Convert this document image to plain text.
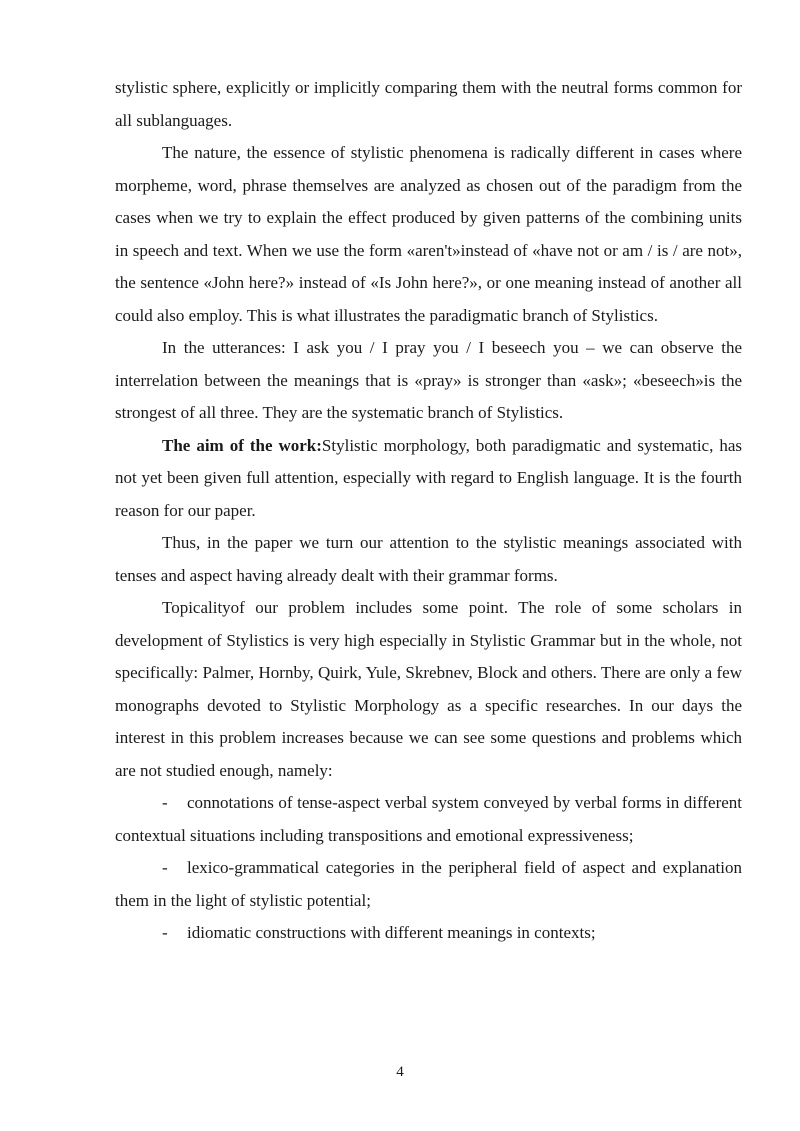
stylistic sphere, explicitly or implicitly comparing them with the neutral forms common for all sublanguages.

The nature, the essence of stylistic phenomena is radically different in cases where morpheme, word, phrase themselves are analyzed as chosen out of the paradigm from the cases when we try to explain the effect produced by given patterns of the combining units in speech and text. When we use the form «aren't»instead of «have not or am / is / are not», the sentence «John here?» instead of «Is John here?», or one meaning instead of another all could also employ. This is what illustrates the paradigmatic branch of Stylistics.

In the utterances: I ask you / I pray you / I beseech you – we can observe the interrelation between the meanings that is «pray» is stronger than «ask»; «beseech»is the strongest of all three. They are the systematic branch of Stylistics.

The aim of the work:Stylistic morphology, both paradigmatic and systematic, has not yet been given full attention, especially with regard to English language. It is the fourth reason for our paper.

Thus, in the paper we turn our attention to the stylistic meanings associated with tenses and aspect having already dealt with their grammar forms.

Topicalityof our problem includes some point. The role of some scholars in development of Stylistics is very high especially in Stylistic Grammar but in the whole, not specifically: Palmer, Hornby, Quirk, Yule, Skrebnev, Block and others. There are only a few monographs devoted to Stylistic Morphology as a specific researches. In our days the interest in this problem increases because we can see some questions and problems which are not studied enough, namely:

- connotations of tense-aspect verbal system conveyed by verbal forms in different contextual situations including transpositions and emotional expressiveness;

- lexico-grammatical categories in the peripheral field of aspect and explanation them in the light of stylistic potential;

- idiomatic constructions with different meanings in contexts;

4
